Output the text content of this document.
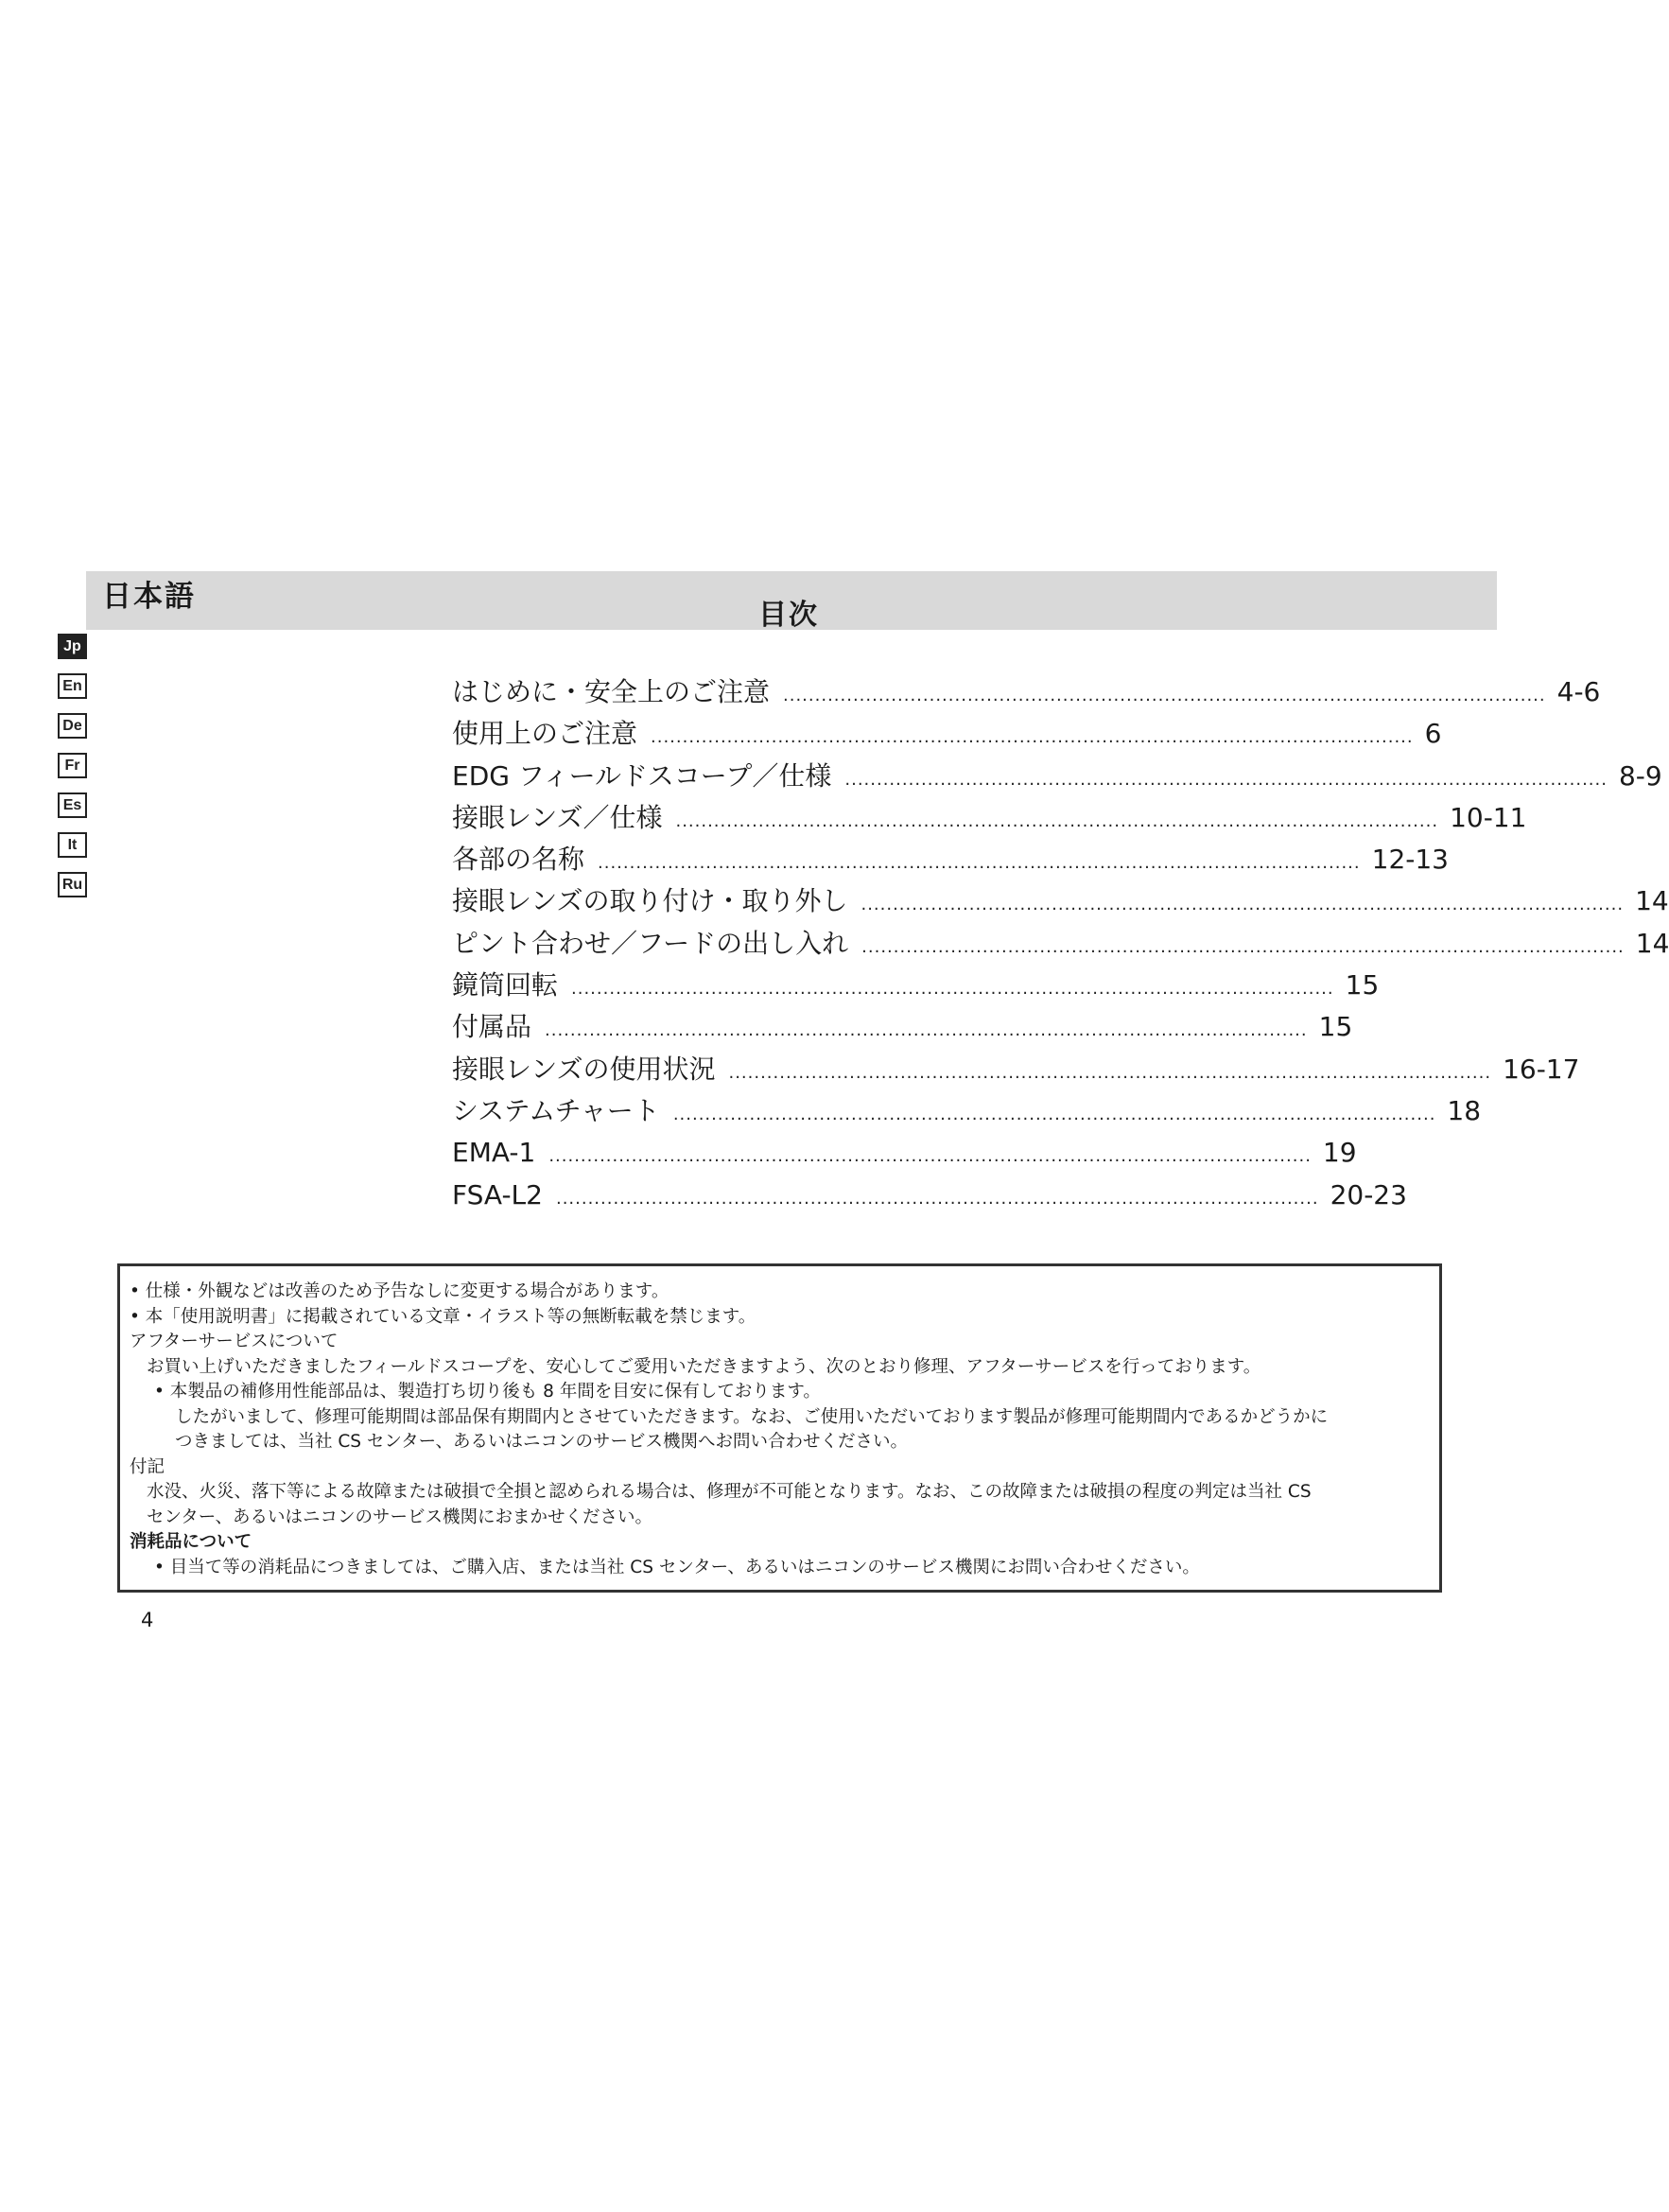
日本語
目次
Jp
En
De
Fr
Es
It
Ru
はじめに・安全上のご注意 ........................................................................................................................ 4-6
使用上のご注意 ........................................................................................................................ 6
EDG フィールドスコープ／仕様 ........................................................................................................................ 8-9
接眼レンズ／仕様 ........................................................................................................................ 10-11
各部の名称 ........................................................................................................................ 12-13
接眼レンズの取り付け・取り外し ........................................................................................................................ 14
ピント合わせ／フードの出し入れ ........................................................................................................................ 14
鏡筒回転 ........................................................................................................................ 15
付属品 ........................................................................................................................ 15
接眼レンズの使用状況 ........................................................................................................................ 16-17
システムチャート ........................................................................................................................ 18
EMA-1 ........................................................................................................................ 19
FSA-L2 ........................................................................................................................ 20-23

• 仕様・外観などは改善のため予告なしに変更する場合があります。

• 本「使用説明書」に掲載されている文章・イラスト等の無断転載を禁じます。

アフターサービスについて

お買い上げいただきましたフィールドスコープを、安心してご愛用いただきますよう、次のとおり修理、アフターサービスを行っております。

• 本製品の補修用性能部品は、製造打ち切り後も 8 年間を目安に保有しております。

したがいまして、修理可能期間は部品保有期間内とさせていただきます。なお、ご使用いただいております製品が修理可能期間内であるかどうかに

つきましては、当社 CS センター、あるいはニコンのサービス機関へお問い合わせください。

付記

水没、火災、落下等による故障または破損で全損と認められる場合は、修理が不可能となります。なお、この故障または破損の程度の判定は当社 CS

センター、あるいはニコンのサービス機関におまかせください。

消耗品について

• 目当て等の消耗品につきましては、ご購入店、または当社 CS センター、あるいはニコンのサービス機関にお問い合わせください。

4
